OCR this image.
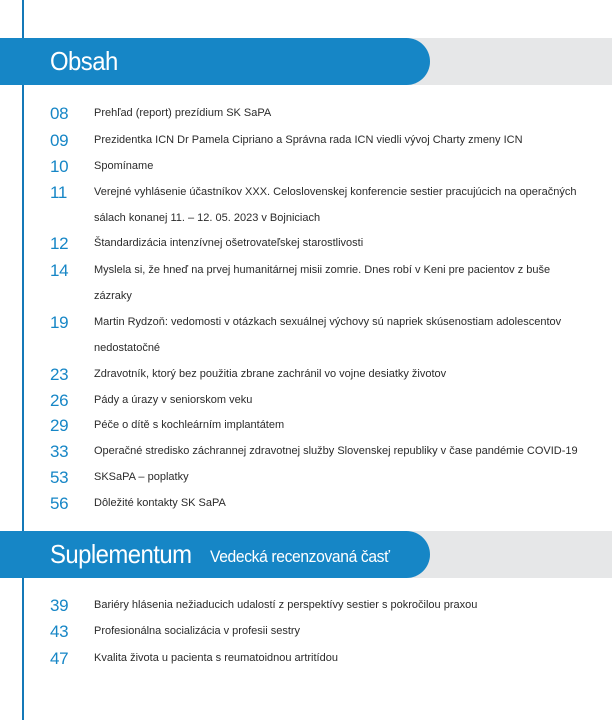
Obsah
Suplementum Vedecká recenzovaná časť
08 Prehľad (report) prezídium SK SaPA
09 Prezidentka ICN Dr Pamela Cipriano a Správna rada ICN viedli vývoj Charty zmeny ICN
10 Spomíname
11 Verejné vyhlásenie účastníkov XXX. Celoslovenskej konferencie sestier pracujúcich na operačných
sálach konanej 11. – 12. 05. 2023 v Bojniciach
12 Štandardizácia intenzívnej ošetrovateľskej starostlivosti
14 Myslela si, že hneď na prvej humanitárnej misii zomrie. Dnes robí v Keni pre pacientov z buše
zázraky
19 Martin Rydzoň: vedomosti v otázkach sexuálnej výchovy sú napriek skúsenostiam adolescentov
nedostatočné
23 Zdravotník, ktorý bez použitia zbrane zachránil vo vojne desiatky životov
26 Pády a úrazy v seniorskom veku
29 Péče o dítě s kochleárním implantátem
33 Operačné stredisko záchrannej zdravotnej služby Slovenskej republiky v čase pandémie COVID-19
53 SKSaPA – poplatky
56 Dôležité kontakty SK SaPA
39 Bariéry hlásenia nežiaducich udalostí z perspektívy sestier s pokročilou praxou
43 Profesionálna socializácia v profesii sestry
47 Kvalita života u pacienta s reumatoidnou artritídou
